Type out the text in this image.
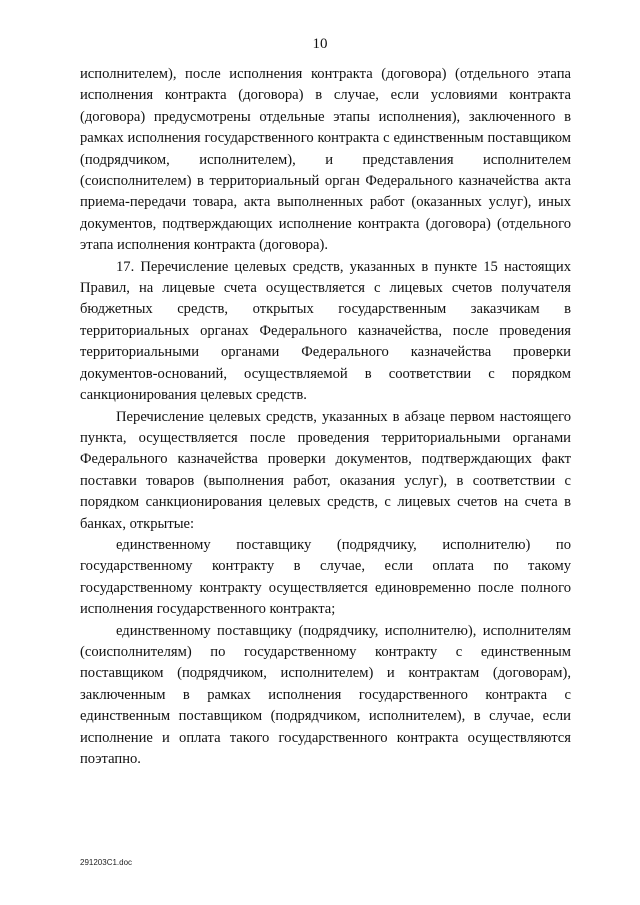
10

исполнителем), после исполнения контракта (договора) (отдельного этапа исполнения контракта (договора) в случае, если условиями контракта (договора) предусмотрены отдельные этапы исполнения), заключенного в рамках исполнения государственного контракта с единственным поставщиком (подрядчиком, исполнителем), и представления исполнителем (соисполнителем) в территориальный орган Федерального казначейства акта приема-передачи товара, акта выполненных работ (оказанных услуг), иных документов, подтверждающих исполнение контракта (договора) (отдельного этапа исполнения контракта (договора).

17. Перечисление целевых средств, указанных в пункте 15 настоящих Правил, на лицевые счета осуществляется с лицевых счетов получателя бюджетных средств, открытых государственным заказчикам в территориальных органах Федерального казначейства, после проведения территориальными органами Федерального казначейства проверки документов-оснований, осуществляемой в соответствии с порядком санкционирования целевых средств.

Перечисление целевых средств, указанных в абзаце первом настоящего пункта, осуществляется после проведения территориальными органами Федерального казначейства проверки документов, подтверждающих факт поставки товаров (выполнения работ, оказания услуг), в соответствии с порядком санкционирования целевых средств, с лицевых счетов на счета в банках, открытые:

единственному поставщику (подрядчику, исполнителю) по государственному контракту в случае, если оплата по такому государственному контракту осуществляется единовременно после полного исполнения государственного контракта;

единственному поставщику (подрядчику, исполнителю), исполнителям (соисполнителям) по государственному контракту с единственным поставщиком (подрядчиком, исполнителем) и контрактам (договорам), заключенным в рамках исполнения государственного контракта с единственным поставщиком (подрядчиком, исполнителем), в случае, если исполнение и оплата такого государственного контракта осуществляются поэтапно.

291203С1.doc
